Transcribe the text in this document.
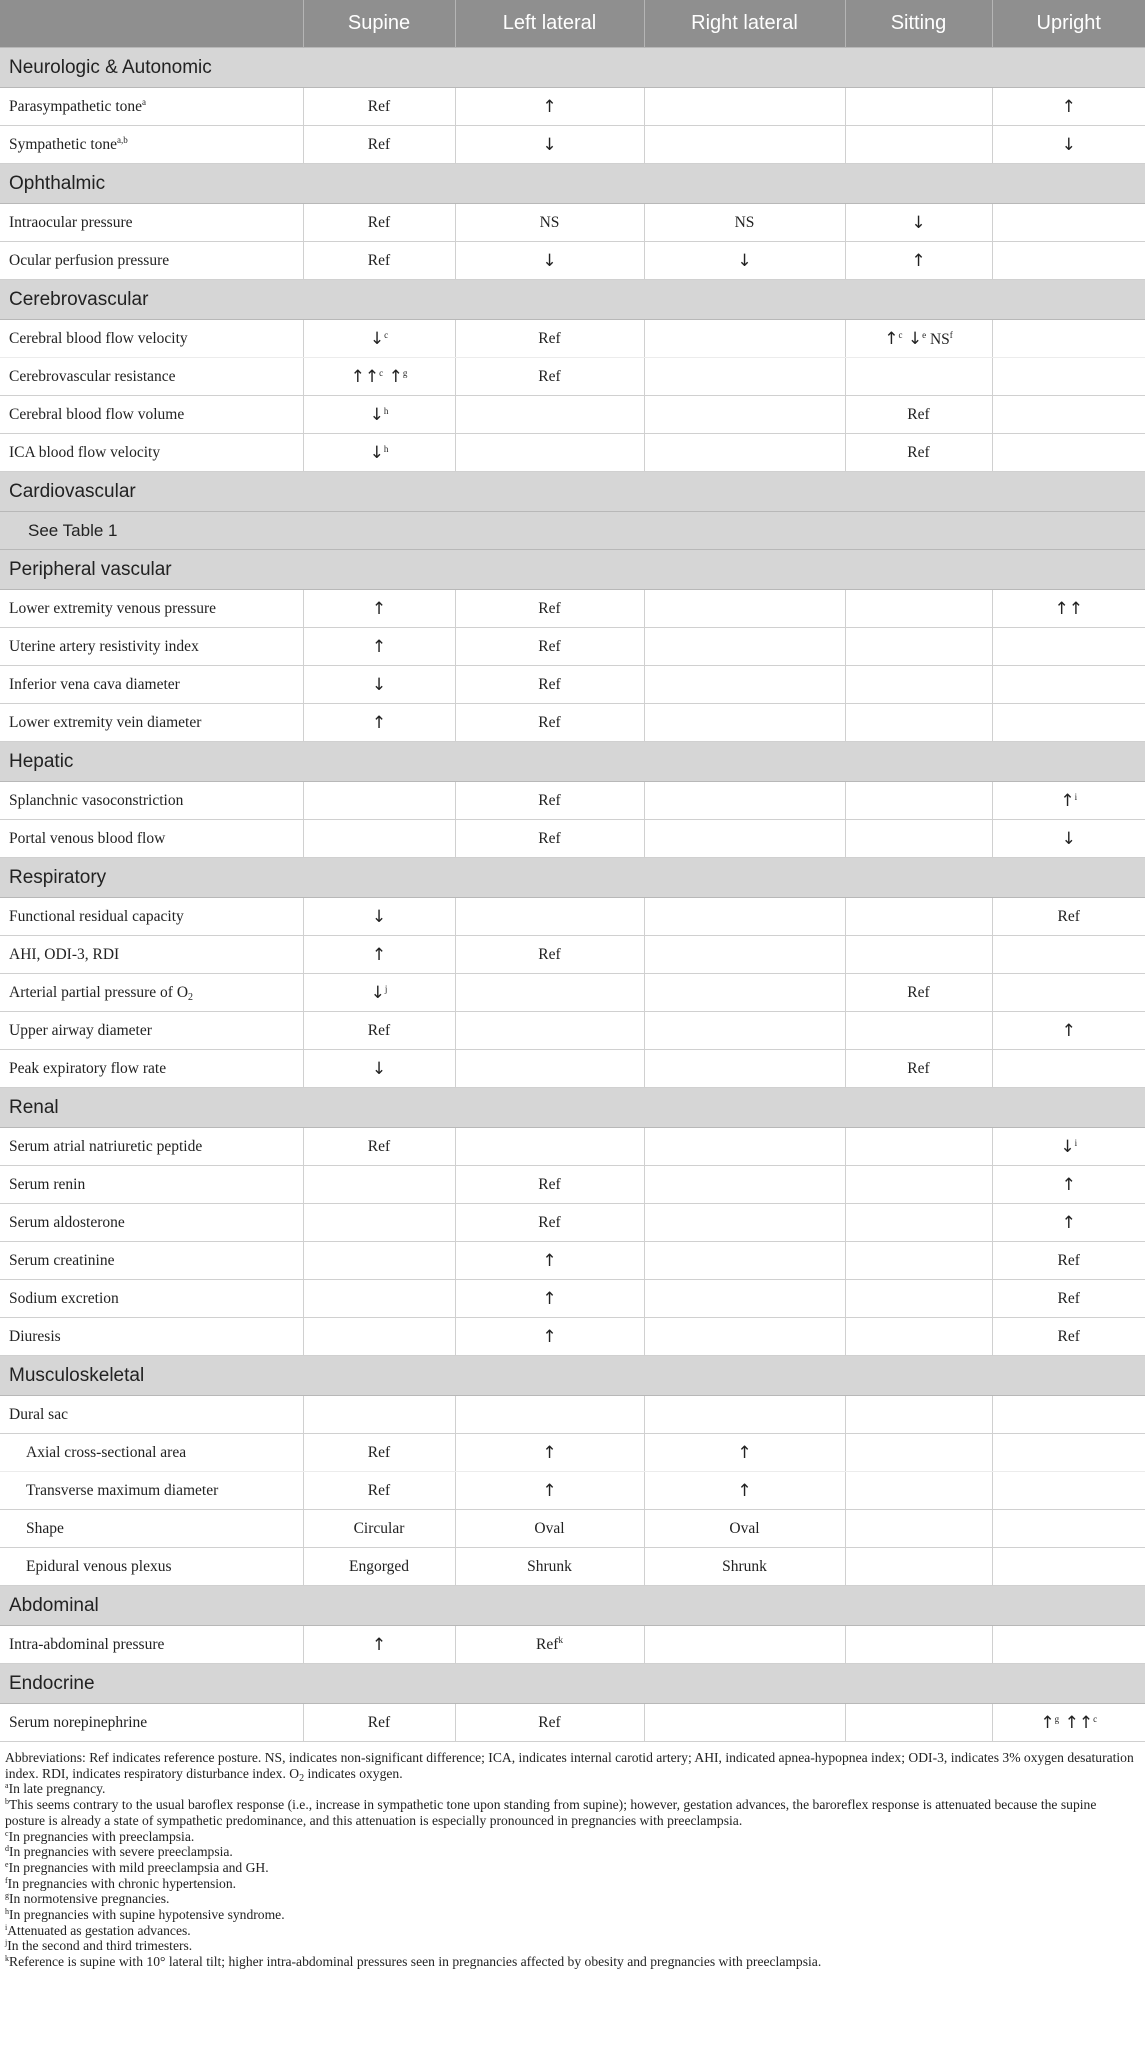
	Supine	Left lateral	Right lateral	Sitting	Upright
Neurologic & Autonomic					
Parasympathetic tone$^a$	Ref	↑			↑
Sympathetic tone$^{a,b}$	Ref	↓			↓
Ophthalmic					
Intraocular pressure	Ref	NS	NS	↓	
Ocular perfusion pressure	Ref	↓	↓	↑	
Cerebrovascular					
Cerebral blood flow velocity	↓$^c$	Ref		↑$^c$ ↓$^e$ $NS^f$	
Cerebrovascular resistance	↑↑$^c$ ↑$^g$	Ref			
Cerebral blood flow volume	↓$^h$			Ref	
ICA blood flow velocity	↓$^h$			Ref	
Cardiovascular					
See Table 1					
Peripheral vascular					
Lower extremity venous pressure	↑	Ref			↑↑
Uterine artery resistivity index	↑	Ref			
Inferior vena cava diameter	↓	Ref			
Lower extremity vein diameter	↑	Ref			
Hepatic					
Splanchnic vasoconstriction		Ref			↑$^i$
Portal venous blood flow		Ref			↓
Respiratory					
Functional residual capacity	↓				Ref
AHI, ODI-3, RDI	↑	Ref			
Arterial partial pressure of $O_2$	↓$^j$			Ref	
Upper airway diameter	Ref				↑
Peak expiratory flow rate	↓			Ref	
Renal					
Serum atrial natriuretic peptide	Ref				↓$^i$
Serum renin		Ref			↑
Serum aldosterone		Ref			↑
Serum creatinine		↑			Ref
Sodium excretion		↑			Ref
Diuresis		↑			Ref
Musculoskeletal					
Dural sac					
Axial cross-sectional area	Ref	↑	↑		
Transverse maximum diameter	Ref	↑	↑		
Shape	Circular	Oval	Oval		
Epidural venous plexus	Engorged	Shrunk	Shrunk		
Abdominal					
Intra-abdominal pressure	↑	Ref$^k$			
Endocrine					
Serum norepinephrine	Ref	Ref			↑$^g$ ↑↑$^c$
Abbreviations: Ref indicates reference posture. NS, indicates non-significant difference; ICA, indicates internal carotid artery; AHI, indicated apnea-hypopnea index; ODI-3, indicates 3% oxygen desaturation index. RDI, indicates respiratory disturbance index. $O_2$ indicates oxygen.
$^a$In late pregnancy.
$^b$This seems contrary to the usual baroflex response (i.e., increase in sympathetic tone upon standing from supine); however, gestation advances, the baroreflex response is attenuated because the supine posture is already a state of sympathetic predominance, and this attenuation is especially pronounced in pregnancies with preeclampsia.
$^c$In pregnancies with preeclampsia.
$^d$In pregnancies with severe preeclampsia.
$^e$In pregnancies with mild preeclampsia and GH.
$^f$In pregnancies with chronic hypertension.
$^g$In normotensive pregnancies.
$^h$In pregnancies with supine hypotensive syndrome.
$^i$Attenuated as gestation advances.
$^j$In the second and third trimesters.
$^k$Reference is supine with 10° lateral tilt; higher intra-abdominal pressures seen in pregnancies affected by obesity and pregnancies with preeclampsia.
